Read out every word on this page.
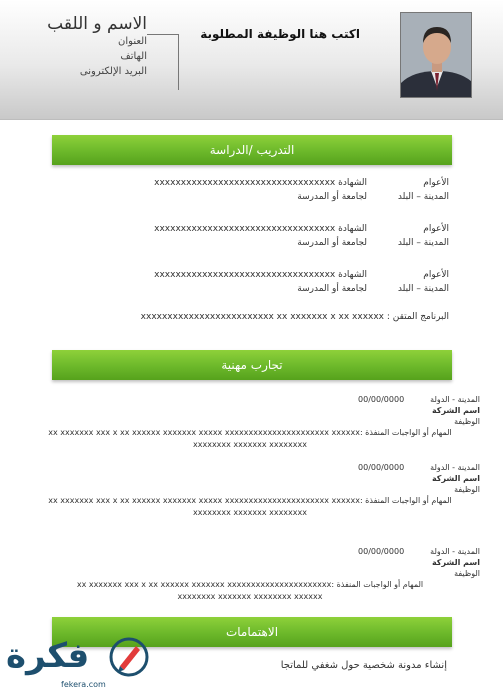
اكتب هنا الوظيفة المطلوبة
الاسم و اللقب
العنوان
الهاتف
البريد الإلكترونى
التدريب /الدراسة
الأعوام
المدينة – البلد
الشهادة xxxxxxxxxxxxxxxxxxxxxxxxxxxxxxxxxx
لجامعة أو المدرسة
الأعوام
المدينة – البلد
الشهادة xxxxxxxxxxxxxxxxxxxxxxxxxxxxxxxxxx
لجامعة أو المدرسة
الأعوام
المدينة – البلد
الشهادة xxxxxxxxxxxxxxxxxxxxxxxxxxxxxxxxxx
لجامعة أو المدرسة
البرنامج المتقن : xxxxxxxxxxxxxxxxxxxxxxxxx xx xxxxxxx x xx xxxxxx
تجارب مهنية
المدينة - الدولة00/00/0000
اسم الشركة
الوظيفة
المهام أو الواجبات المنفذة :xx xxxxxxx xxx x xx xxxxxx xxxxxxx xxxxx xxxxxxxxxxxxxxxxxxxxxx xxxxxx
xxxxxxxx xxxxxxx xxxxxxxx
المدينة - الدولة00/00/0000
اسم الشركة
الوظيفة
المهام أو الواجبات المنفذة :xx xxxxxxx xxx x xx xxxxxx xxxxxxx xxxxx xxxxxxxxxxxxxxxxxxxxxx xxxxxx
xxxxxxxx xxxxxxx xxxxxxxx
المدينة - الدولة00/00/0000
اسم الشركة
الوظيفة
المهام أو الواجبات المنفذة :xx xxxxxxx xxx x xx xxxxxx xxxxxxx xxxxxxxxxxxxxxxxxxxxxx
xxxxxxxx xxxxxxx xxxxxxxx xxxxxx
الاهتمامات
إنشاء مدونة شخصية حول شغفي للماتجا
فكرة
fekera.com
